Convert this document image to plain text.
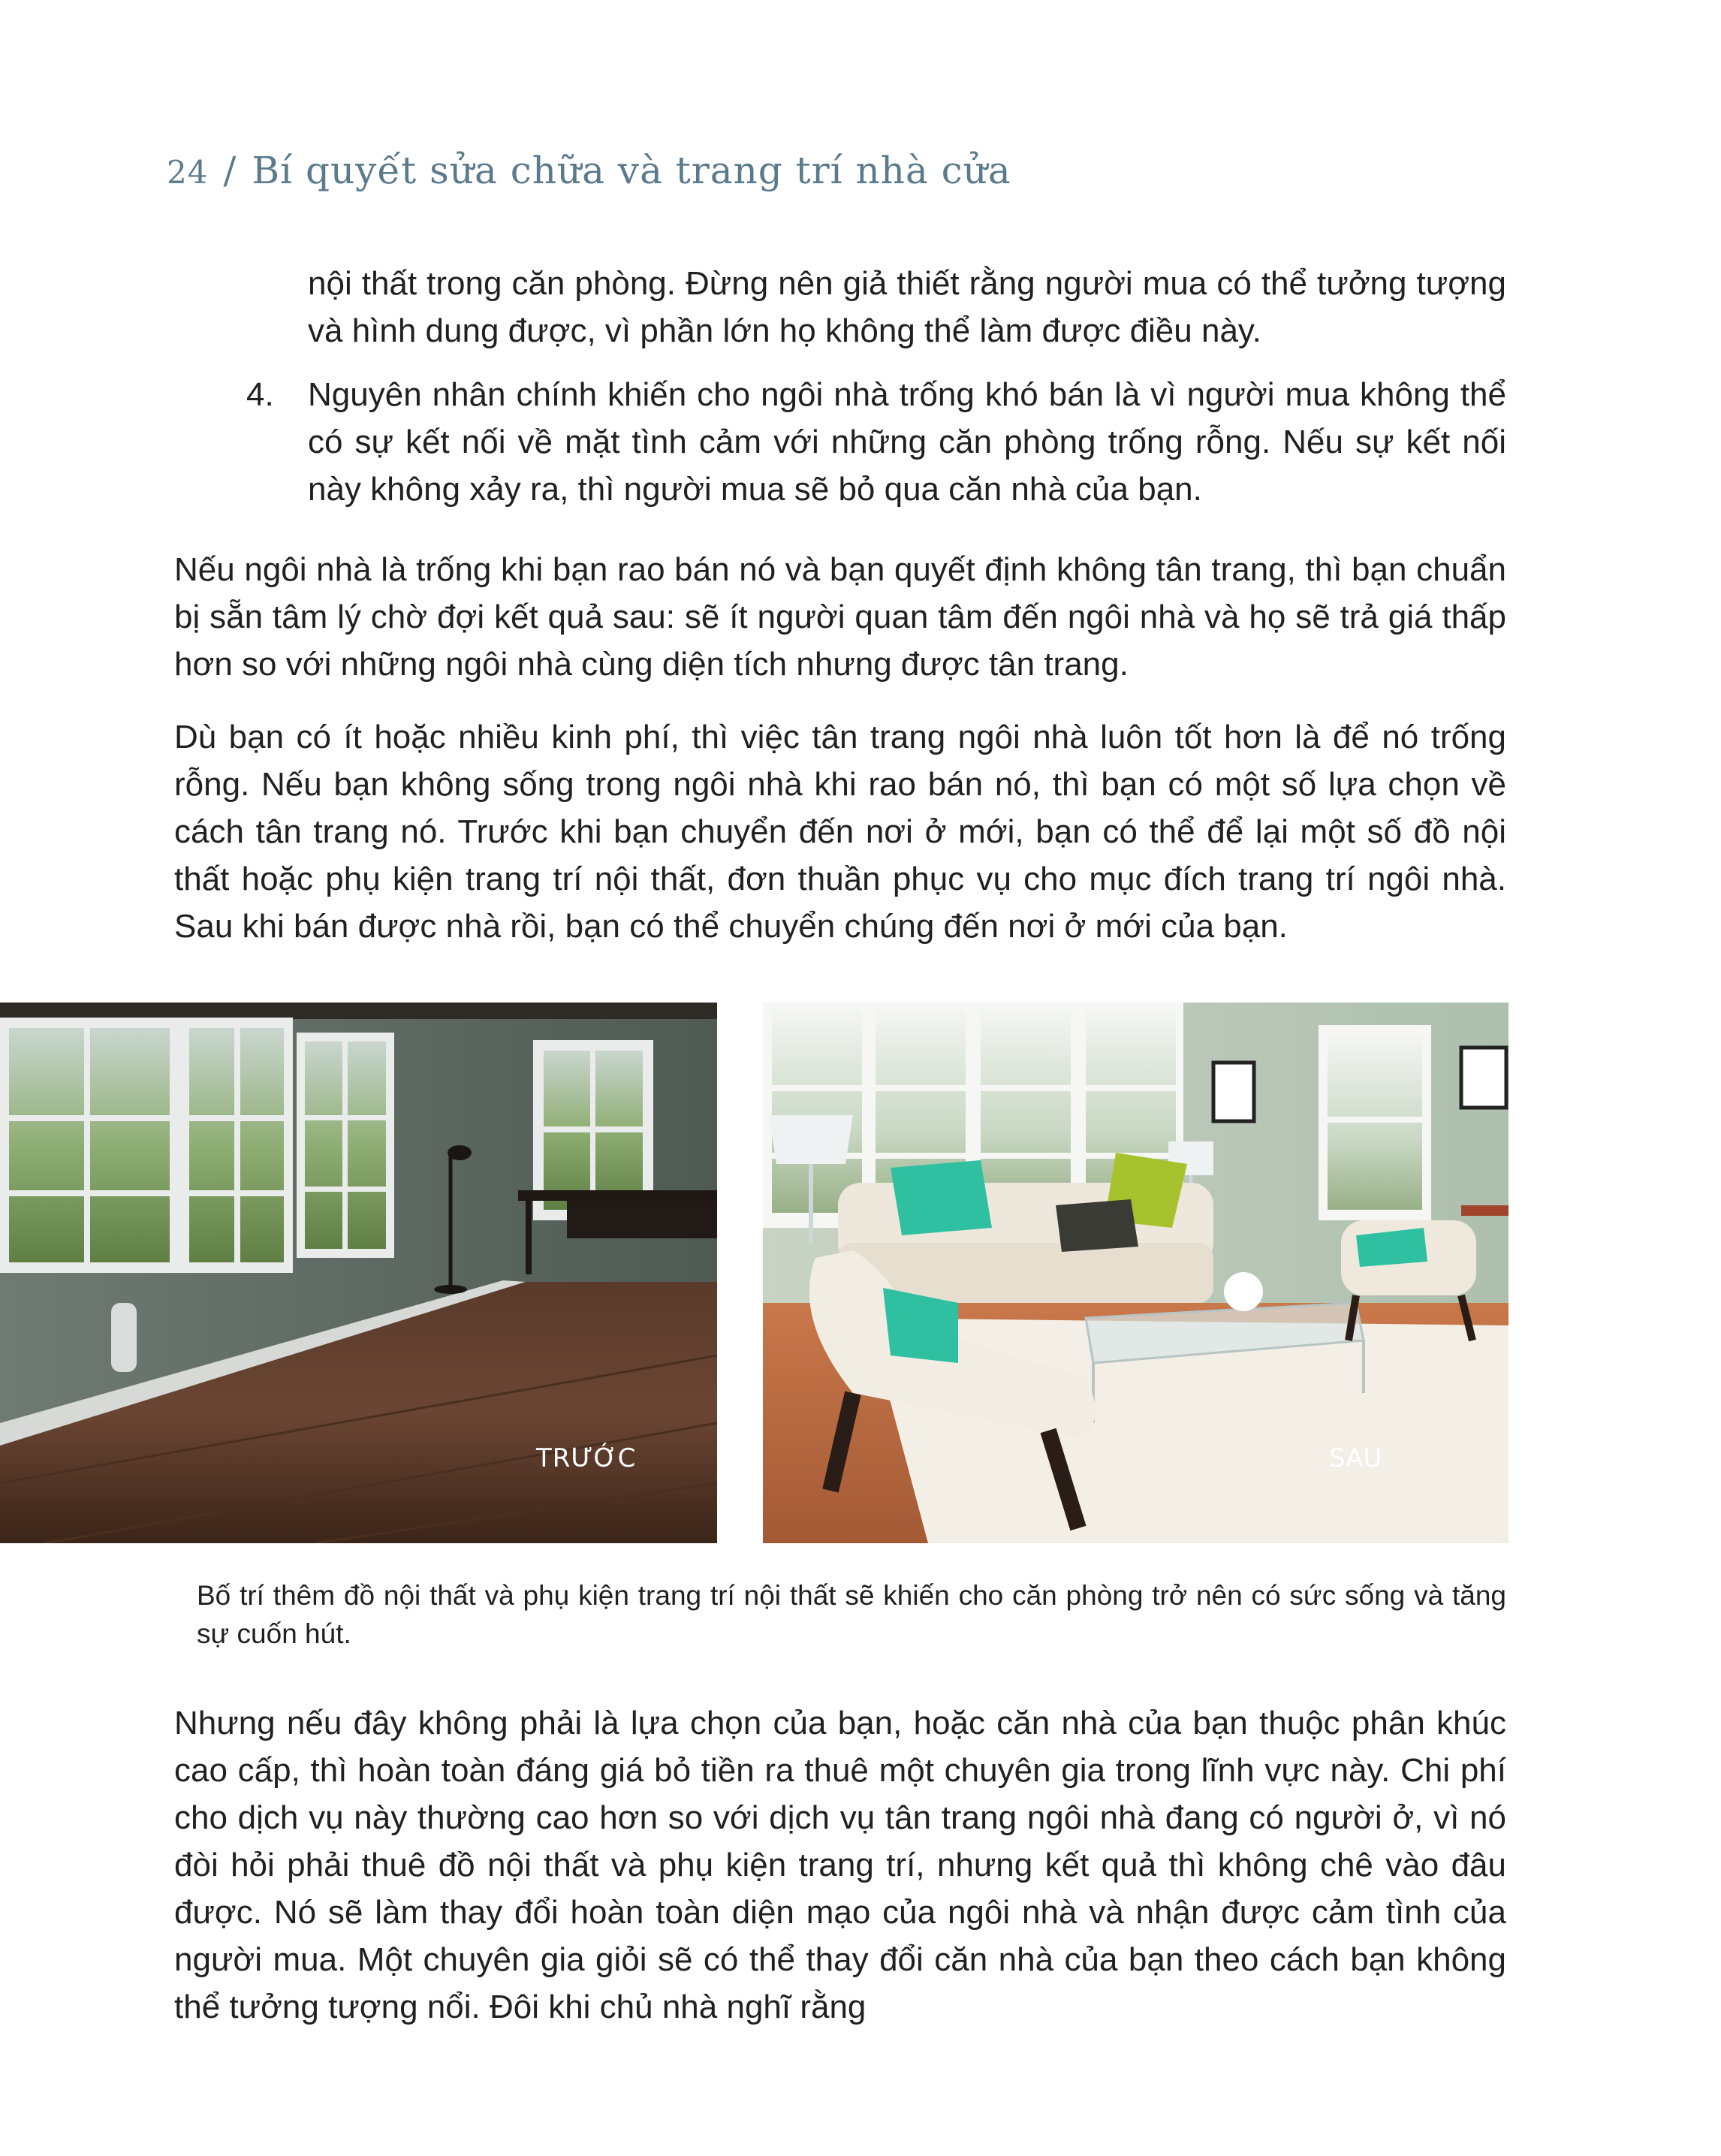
24 / Bí quyết sửa chữa và trang trí nhà cửa

nội thất trong căn phòng. Đừng nên giả thiết rằng người mua có thể tưởng tượng và hình dung được, vì phần lớn họ không thể làm được điều này.

4. Nguyên nhân chính khiến cho ngôi nhà trống khó bán là vì người mua không thể có sự kết nối về mặt tình cảm với những căn phòng trống rỗng. Nếu sự kết nối này không xảy ra, thì người mua sẽ bỏ qua căn nhà của bạn.

Nếu ngôi nhà là trống khi bạn rao bán nó và bạn quyết định không tân trang, thì bạn chuẩn bị sẵn tâm lý chờ đợi kết quả sau: sẽ ít người quan tâm đến ngôi nhà và họ sẽ trả giá thấp hơn so với những ngôi nhà cùng diện tích nhưng được tân trang.

Dù bạn có ít hoặc nhiều kinh phí, thì việc tân trang ngôi nhà luôn tốt hơn là để nó trống rỗng. Nếu bạn không sống trong ngôi nhà khi rao bán nó, thì bạn có một số lựa chọn về cách tân trang nó. Trước khi bạn chuyển đến nơi ở mới, bạn có thể để lại một số đồ nội thất hoặc phụ kiện trang trí nội thất, đơn thuần phục vụ cho mục đích trang trí ngôi nhà. Sau khi bán được nhà rồi, bạn có thể chuyển chúng đến nơi ở mới của bạn.

TRƯỚC	SAU

Bố trí thêm đồ nội thất và phụ kiện trang trí nội thất sẽ khiến cho căn phòng trở nên có sức sống và tăng sự cuốn hút.

Nhưng nếu đây không phải là lựa chọn của bạn, hoặc căn nhà của bạn thuộc phân khúc cao cấp, thì hoàn toàn đáng giá bỏ tiền ra thuê một chuyên gia trong lĩnh vực này. Chi phí cho dịch vụ này thường cao hơn so với dịch vụ tân trang ngôi nhà đang có người ở, vì nó đòi hỏi phải thuê đồ nội thất và phụ kiện trang trí, nhưng kết quả thì không chê vào đâu được. Nó sẽ làm thay đổi hoàn toàn diện mạo của ngôi nhà và nhận được cảm tình của người mua. Một chuyên gia giỏi sẽ có thể thay đổi căn nhà của bạn theo cách bạn không thể tưởng tượng nổi. Đôi khi chủ nhà nghĩ rằng
